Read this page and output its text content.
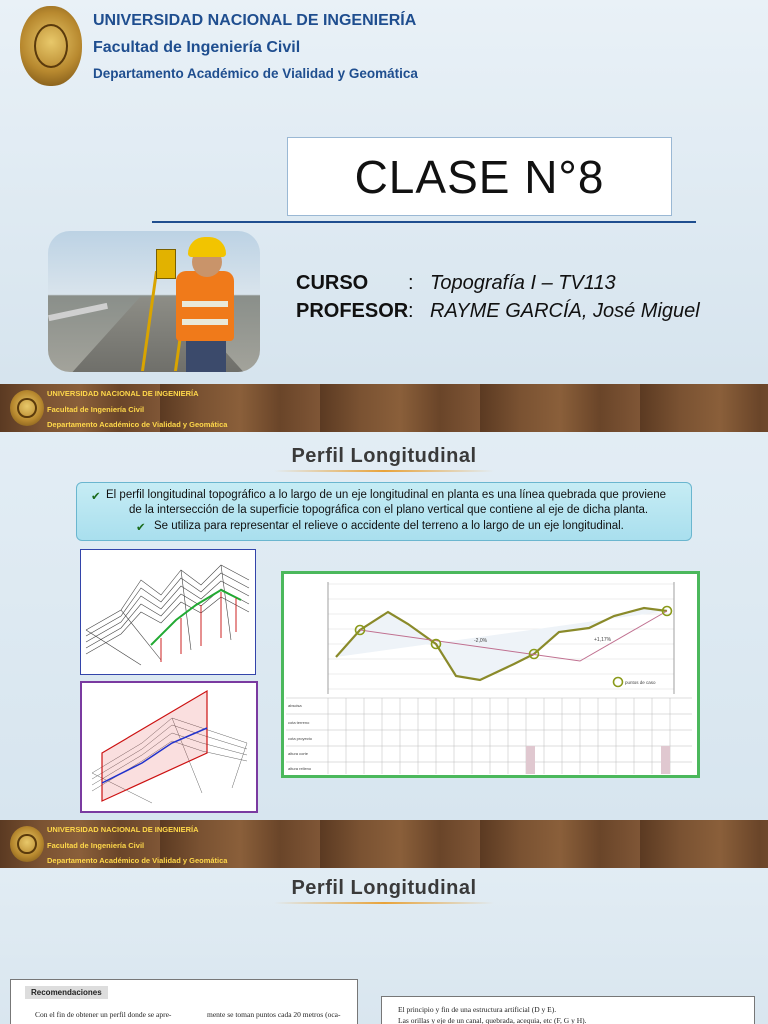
UNIVERSIDAD NACIONAL DE INGENIERÍA
Facultad de Ingeniería Civil
Departamento Académico de Vialidad y Geomática
CLASE N°8
CURSO : Topografía I – TV113
PROFESOR : RAYME GARCÍA, José Miguel
UNIVERSIDAD NACIONAL DE INGENIERÍA
Facultad de Ingeniería Civil
Departamento Académico de Vialidad y Geomática
Perfil Longitudinal
✔ El perfil longitudinal topográfico a lo largo de un eje longitudinal en planta es una línea quebrada que proviene
de la intersección de la superficie topográfica con el plano vertical que contiene al eje de dicha planta.
✔ Se utiliza para representar el relieve o accidente del terreno a lo largo de un eje longitudinal.
-2,0%	+1,17%
puntos de caso
abscisa
cota terreno
cota proyecto
altura corte
altura relleno
UNIVERSIDAD NACIONAL DE INGENIERÍA
Facultad de Ingeniería Civil
Departamento Académico de Vialidad y Geomática
Perfil Longitudinal
Recomendaciones
Con el fin de obtener un perfil donde se apre-	mente se toman puntos cada 20 metros (oca-
El principio y fin de una estructura artificial (D y E).
Las orillas y eje de un canal, quebrada, acequia, etc (F, G y H).
